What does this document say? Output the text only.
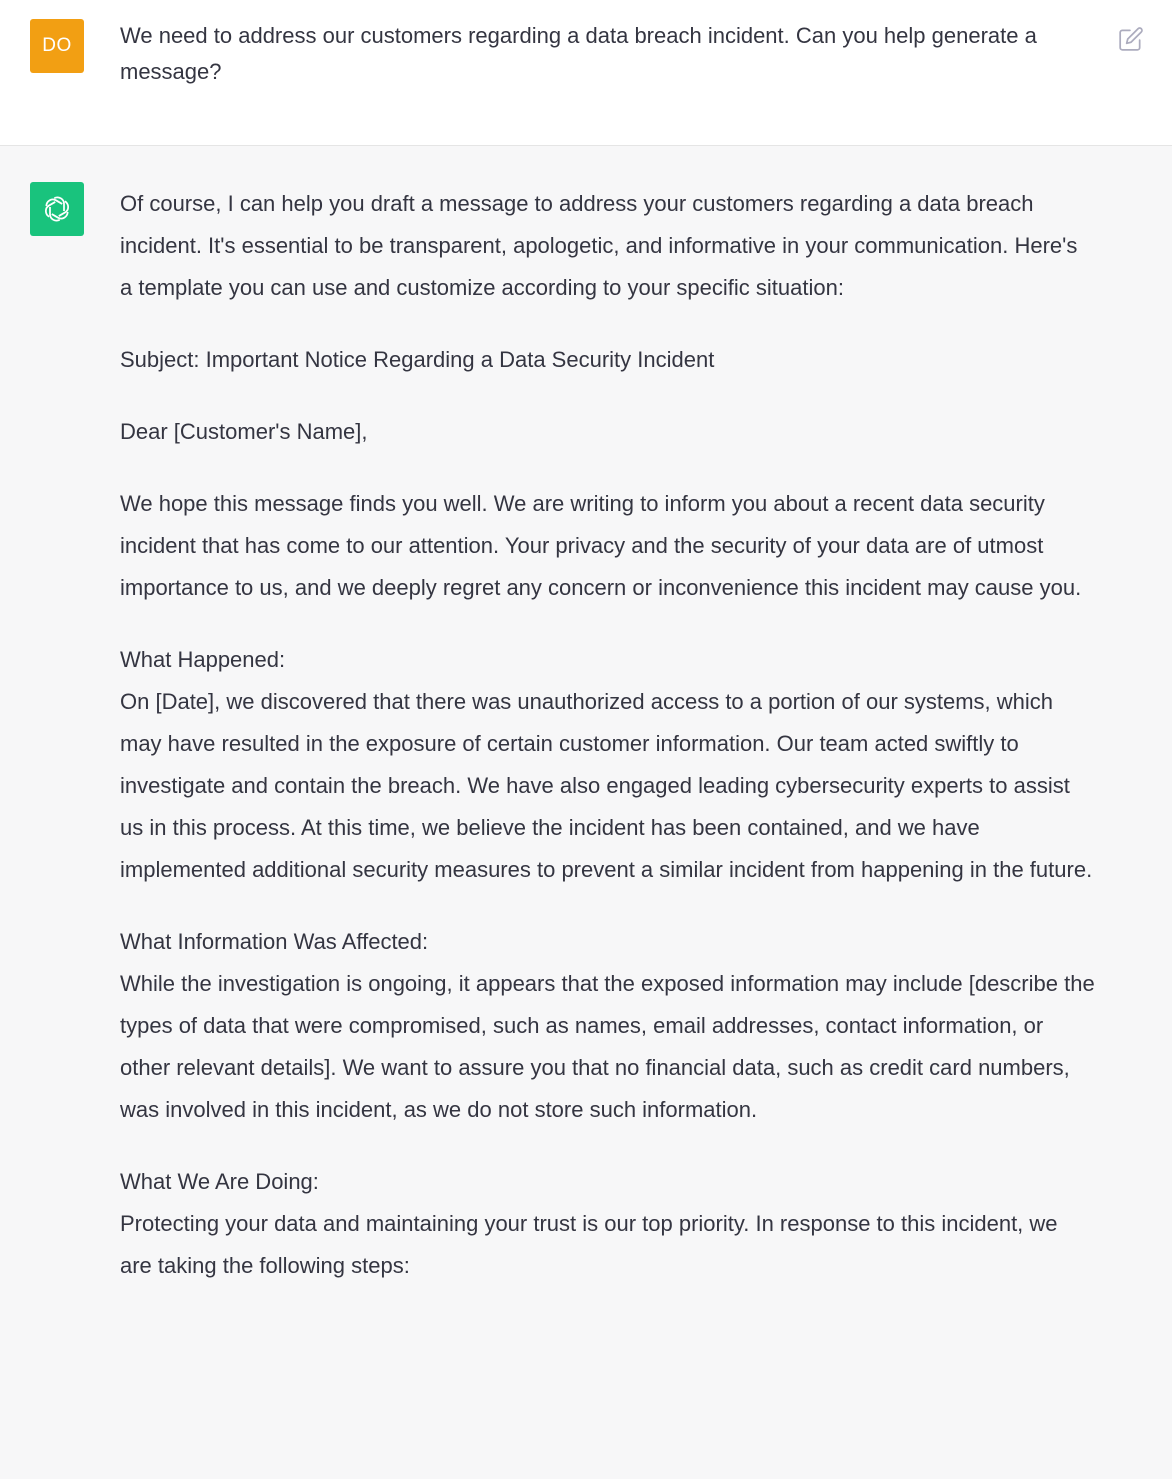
DO We need to address our customers regarding a data breach incident. Can you help generate a message?

Of course, I can help you draft a message to address your customers regarding a data breach incident. It's essential to be transparent, apologetic, and informative in your communication. Here's a template you can use and customize according to your specific situation:

Subject: Important Notice Regarding a Data Security Incident

Dear [Customer's Name],

We hope this message finds you well. We are writing to inform you about a recent data security incident that has come to our attention. Your privacy and the security of your data are of utmost importance to us, and we deeply regret any concern or inconvenience this incident may cause you.

What Happened:
On [Date], we discovered that there was unauthorized access to a portion of our systems, which may have resulted in the exposure of certain customer information. Our team acted swiftly to investigate and contain the breach. We have also engaged leading cybersecurity experts to assist us in this process. At this time, we believe the incident has been contained, and we have implemented additional security measures to prevent a similar incident from happening in the future.

What Information Was Affected:
While the investigation is ongoing, it appears that the exposed information may include [describe the types of data that were compromised, such as names, email addresses, contact information, or other relevant details]. We want to assure you that no financial data, such as credit card numbers, was involved in this incident, as we do not store such information.

What We Are Doing:
Protecting your data and maintaining your trust is our top priority. In response to this incident, we are taking the following steps:
